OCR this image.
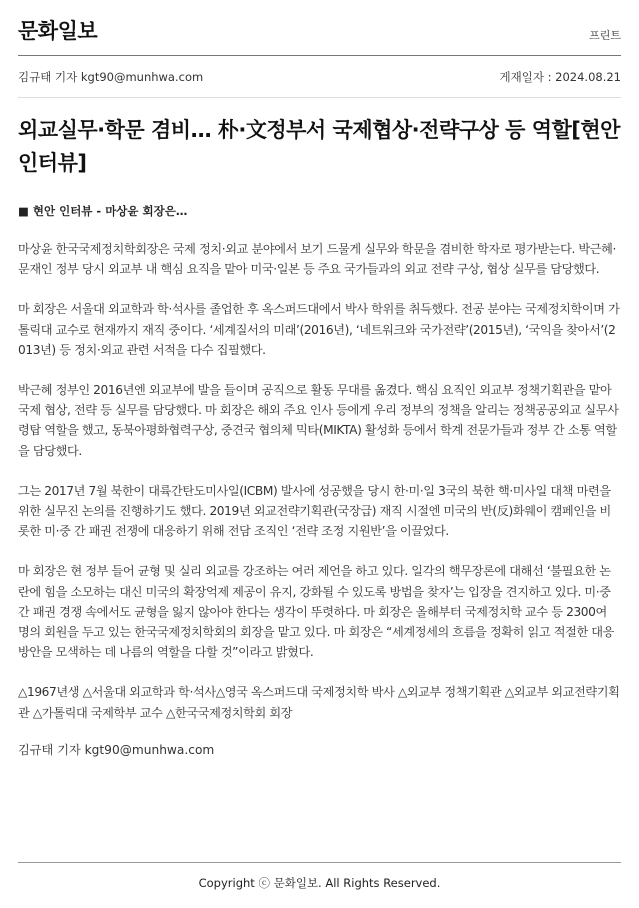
문화일보	프린트
김규태 기자 kgt90@munhwa.com	게재일자 : 2024.08.21
외교실무·학문 겸비… 朴·文정부서 국제협상·전략구상 등 역할[현안 인터뷰]
■ 현안 인터뷰 - 마상윤 회장은…

마상윤 한국국제정치학회장은 국제 정치·외교 분야에서 보기 드물게 실무와 학문을 겸비한 학자로 평가받는다. 박근혜·문재인 정부 당시 외교부 내 핵심 요직을 맡아 미국·일본 등 주요 국가들과의 외교 전략 구상, 협상 실무를 담당했다.

마 회장은 서울대 외교학과 학·석사를 졸업한 후 옥스퍼드대에서 박사 학위를 취득했다. 전공 분야는 국제정치학이며 가톨릭대 교수로 현재까지 재직 중이다. ‘세계질서의 미래’(2016년), ‘네트워크와 국가전략’(2015년), ‘국익을 찾아서’(2013년) 등 정치·외교 관련 서적을 다수 집필했다.

박근혜 정부인 2016년엔 외교부에 발을 들이며 공직으로 활동 무대를 옮겼다. 핵심 요직인 외교부 정책기획관을 맡아 국제 협상, 전략 등 실무를 담당했다. 마 회장은 해외 주요 인사 등에게 우리 정부의 정책을 알리는 정책공공외교 실무사령탑 역할을 했고, 동북아평화협력구상, 중견국 협의체 믹타(MIKTA) 활성화 등에서 학계 전문가들과 정부 간 소통 역할을 담당했다.

그는 2017년 7월 북한이 대륙간탄도미사일(ICBM) 발사에 성공했을 당시 한·미·일 3국의 북한 핵·미사일 대책 마련을 위한 실무진 논의를 진행하기도 했다. 2019년 외교전략기획관(국장급) 재직 시절엔 미국의 반(反)화웨이 캠페인을 비롯한 미·중 간 패권 전쟁에 대응하기 위해 전담 조직인 ‘전략 조정 지원반’을 이끌었다.

마 회장은 현 정부 들어 균형 및 실리 외교를 강조하는 여러 제언을 하고 있다. 일각의 핵무장론에 대해선 ‘불필요한 논란에 힘을 소모하는 대신 미국의 확장억제 제공이 유지, 강화될 수 있도록 방법을 찾자’는 입장을 견지하고 있다. 미·중 간 패권 경쟁 속에서도 균형을 잃지 않아야 한다는 생각이 뚜렷하다. 마 회장은 올해부터 국제정치학 교수 등 2300여 명의 회원을 두고 있는 한국국제정치학회의 회장을 맡고 있다. 마 회장은 “세계정세의 흐름을 정확히 읽고 적절한 대응 방안을 모색하는 데 나름의 역할을 다할 것”이라고 밝혔다.

△1967년생 △서울대 외교학과 학·석사△영국 옥스퍼드대 국제정치학 박사 △외교부 정책기획관 △외교부 외교전략기획관 △가톨릭대 국제학부 교수 △한국국제정치학회 회장

김규태 기자 kgt90@munhwa.com
Copyright ⓒ 문화일보. All Rights Reserved.
